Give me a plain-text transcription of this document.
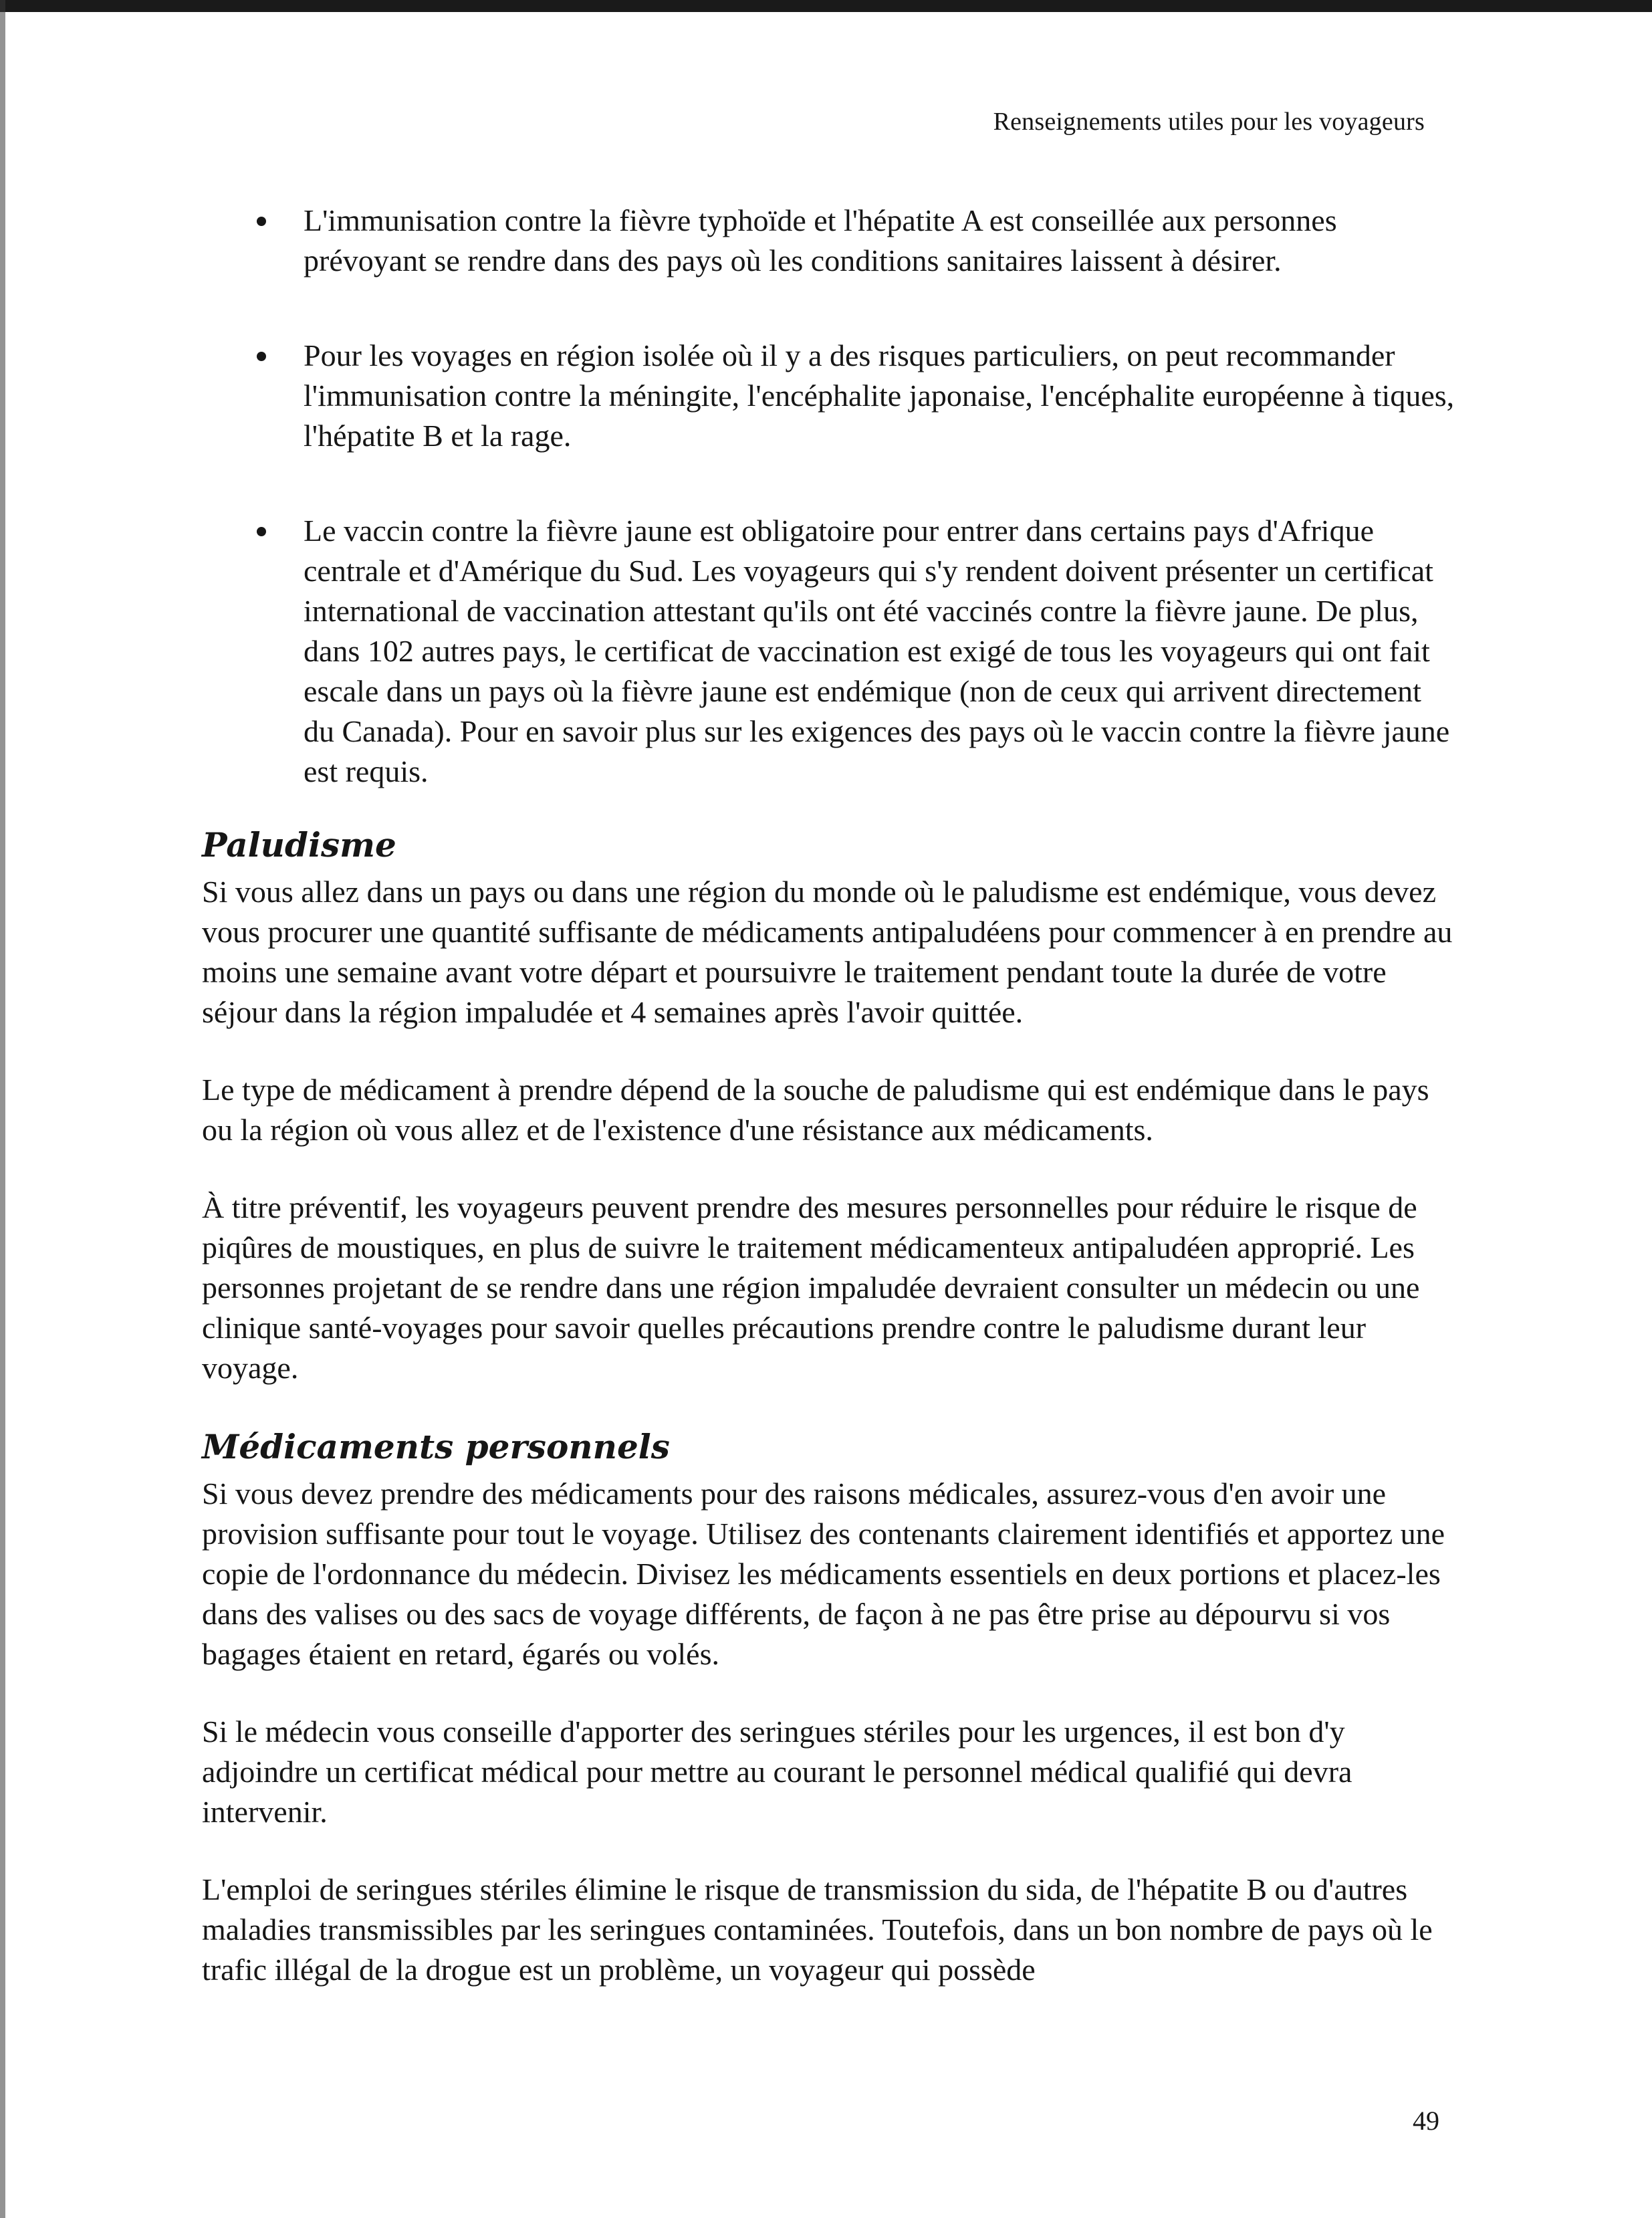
Renseignements utiles pour les voyageurs
L'immunisation contre la fièvre typhoïde et l'hépatite A est conseillée aux personnes prévoyant se rendre dans des pays où les conditions sanitaires laissent à désirer.
Pour les voyages en région isolée où il y a des risques particuliers, on peut recommander l'immunisation contre la méningite, l'encéphalite japonaise, l'encéphalite européenne à tiques, l'hépatite B et la rage.
Le vaccin contre la fièvre jaune est obligatoire pour entrer dans certains pays d'Afrique centrale et d'Amérique du Sud. Les voyageurs qui s'y rendent doivent présenter un certificat international de vaccination attestant qu'ils ont été vaccinés contre la fièvre jaune. De plus, dans 102 autres pays, le certificat de vaccination est exigé de tous les voyageurs qui ont fait escale dans un pays où la fièvre jaune est endémique (non de ceux qui arrivent directement du Canada). Pour en savoir plus sur les exigences des pays où le vaccin contre la fièvre jaune est requis.
Paludisme

Si vous allez dans un pays ou dans une région du monde où le paludisme est endémique, vous devez vous procurer une quantité suffisante de médicaments antipaludéens pour commencer à en prendre au moins une semaine avant votre départ et poursuivre le traitement pendant toute la durée de votre séjour dans la région impaludée et 4 semaines après l'avoir quittée.

Le type de médicament à prendre dépend de la souche de paludisme qui est endémique dans le pays ou la région où vous allez et de l'existence d'une résistance aux médicaments.

À titre préventif, les voyageurs peuvent prendre des mesures personnelles pour réduire le risque de piqûres de moustiques, en plus de suivre le traitement médicamenteux antipaludéen approprié. Les personnes projetant de se rendre dans une région impaludée devraient consulter un médecin ou une clinique santé-voyages pour savoir quelles précautions prendre contre le paludisme durant leur voyage.

Médicaments personnels

Si vous devez prendre des médicaments pour des raisons médicales, assurez-vous d'en avoir une provision suffisante pour tout le voyage. Utilisez des contenants clairement identifiés et apportez une copie de l'ordonnance du médecin. Divisez les médicaments essentiels en deux portions et placez-les dans des valises ou des sacs de voyage différents, de façon à ne pas être prise au dépourvu si vos bagages étaient en retard, égarés ou volés.

Si le médecin vous conseille d'apporter des seringues stériles pour les urgences, il est bon d'y adjoindre un certificat médical pour mettre au courant le personnel médical qualifié qui devra intervenir.

L'emploi de seringues stériles élimine le risque de transmission du sida, de l'hépatite B ou d'autres maladies transmissibles par les seringues contaminées. Toutefois, dans un bon nombre de pays où le trafic illégal de la drogue est un problème, un voyageur qui possède

49
